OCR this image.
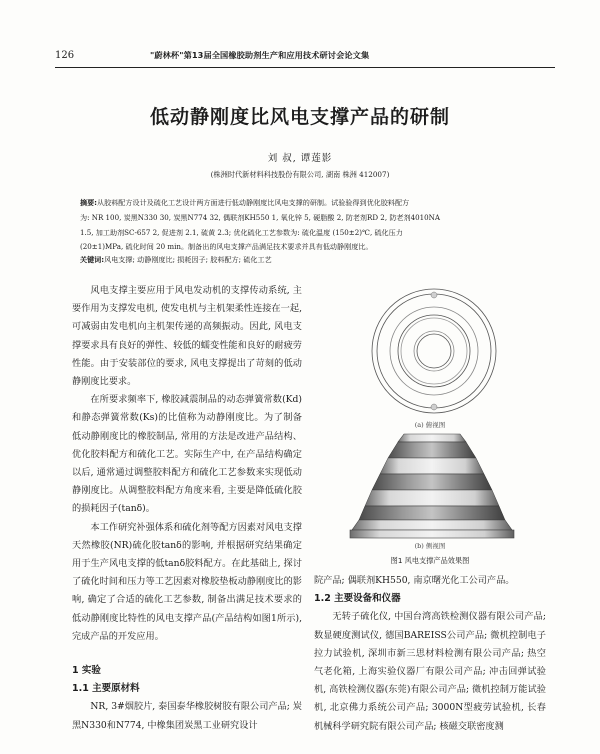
126	"蔚林杯"第13届全国橡胶助剂生产和应用技术研讨会论文集
低动静刚度比风电支撑产品的研制
刘 叔, 谭莲影
(株洲时代新材料科技股份有限公司, 湖南 株洲 412007)
摘要:从胶料配方设计及硫化工艺设计两方面进行低动静刚度比风电支撑的研制。试验验得到优化胶料配方
为: NR 100, 炭黑N330 30, 炭黑N774 32, 偶联剂KH550 1, 氧化锌 5, 硬脂酸 2, 防老剂RD 2, 防老剂4010NA
1.5, 加工助剂SC-657 2, 促进剂 2.1, 硫黄 2.3; 优化硫化工艺参数为: 硫化温度 (150±2)℃, 硫化压力
(20±1)MPa, 硫化时间 20 min。制备出的风电支撑产品满足技术要求并具有低动静刚度比。
关键词:风电支撑; 动静刚度比; 损耗因子; 胶料配方; 硫化工艺

风电支撑主要应用于风电发动机的支撑传动系统, 主要作用为支撑发电机, 使发电机与主机架柔性连接在一起, 可减弱由发电机向主机架传递的高频振动。因此, 风电支撑要求具有良好的弹性、较低的蠕变性能和良好的耐疲劳性能。由于安装部位的要求, 风电支撑提出了苛刻的低动静刚度比要求。

在所要求频率下, 橡胶减震制品的动态弹簧常数(Kd)和静态弹簧常数(Ks)的比值称为动静刚度比。为了制备低动静刚度比的橡胶制品, 常用的方法是改进产品结构、优化胶料配方和硫化工艺。实际生产中, 在产品结构确定以后, 通常通过调整胶料配方和硫化工艺参数来实现低动静刚度比。从调整胶料配方角度来看, 主要是降低硫化胶的损耗因子(tanδ)。

本工作研究补强体系和硫化剂等配方因素对风电支撑天然橡胶(NR)硫化胶tanδ的影响, 并根据研究结果确定用于生产风电支撑的低tanδ胶料配方。在此基础上, 探讨了硫化时间和压力等工艺因素对橡胶垫板动静刚度比的影响, 确定了合适的硫化工艺参数, 制备出满足技术要求的低动静刚度比特性的风电支撑产品(产品结构如图1所示), 完成产品的开发应用。

1 实验
1.1 主要原材料

NR, 3#烟胶片, 泰国泰华橡胶树胶有限公司产品; 炭黑N330和N774, 中橡集团炭黑工业研究设计

(a) 俯视图
(b) 侧视图
图1 风电支撑产品效果图

院产品; 偶联剂KH550, 南京曙光化工公司产品。

1.2 主要设备和仪器

无转子硫化仪, 中国台湾高铁检测仪器有限公司产品; 数显硬度测试仪, 德国BAREISS公司产品; 微机控制电子拉力试验机, 深圳市新三思材料检测有限公司产品; 热空气老化箱, 上海实验仪器厂有限公司产品; 冲击回弹试验机, 高铁检测仪器(东莞)有限公司产品; 微机控制万能试验机, 北京佛力系统公司产品; 3000N型疲劳试验机, 长春机械科学研究院有限公司产品; 核磁交联密度测
